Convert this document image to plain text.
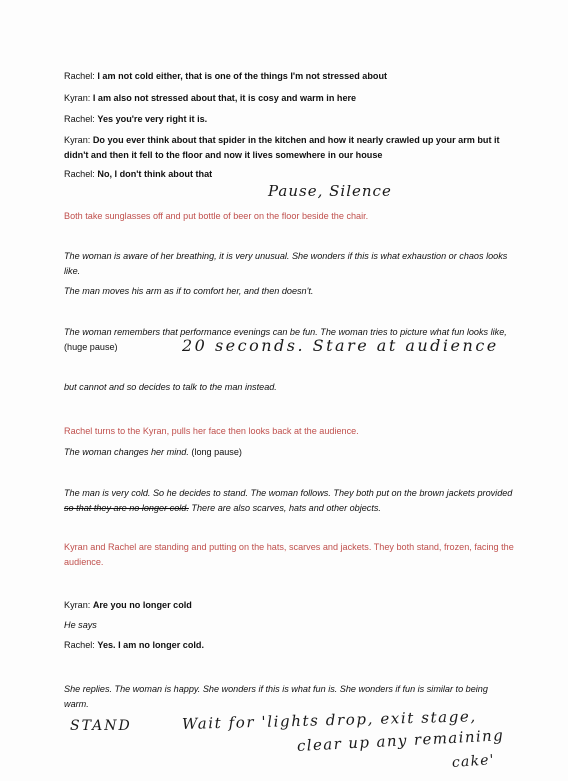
Rachel: I am not cold either, that is one of the things I'm not stressed about
Kyran: I am also not stressed about that, it is cosy and warm in here
Rachel: Yes you're very right it is.
Kyran: Do you ever think about that spider in the kitchen and how it nearly crawled up your arm but it didn't and then it fell to the floor and now it lives somewhere in our house
Rachel: No, I don't think about that
Pause, Silence
Both take sunglasses off and put bottle of beer on the floor beside the chair.
The woman is aware of her breathing, it is very unusual. She wonders if this is what exhaustion or chaos looks like.
The man moves his arm as if to comfort her, and then doesn't.
The woman remembers that performance evenings can be fun. The woman tries to picture what fun looks like, (huge pause)	20 seconds. Stare at audience
but cannot and so decides to talk to the man instead.
Rachel turns to the Kyran, pulls her face then looks back at the audience.
The woman changes her mind. (long pause)
The man is very cold. So he decides to stand. The woman follows. They both put on the brown jackets provided so that they are no longer cold. There are also scarves, hats and other objects.
Kyran and Rachel are standing and putting on the hats, scarves and jackets. They both stand, frozen, facing the audience.
Kyran: Are you no longer cold
He says
Rachel: Yes. I am no longer cold.
She replies. The woman is happy. She wonders if this is what fun is. She wonders if fun is similar to being warm.
STAND	Wait for 'lights drop, exit stage,
clear up any remaining
cake'
